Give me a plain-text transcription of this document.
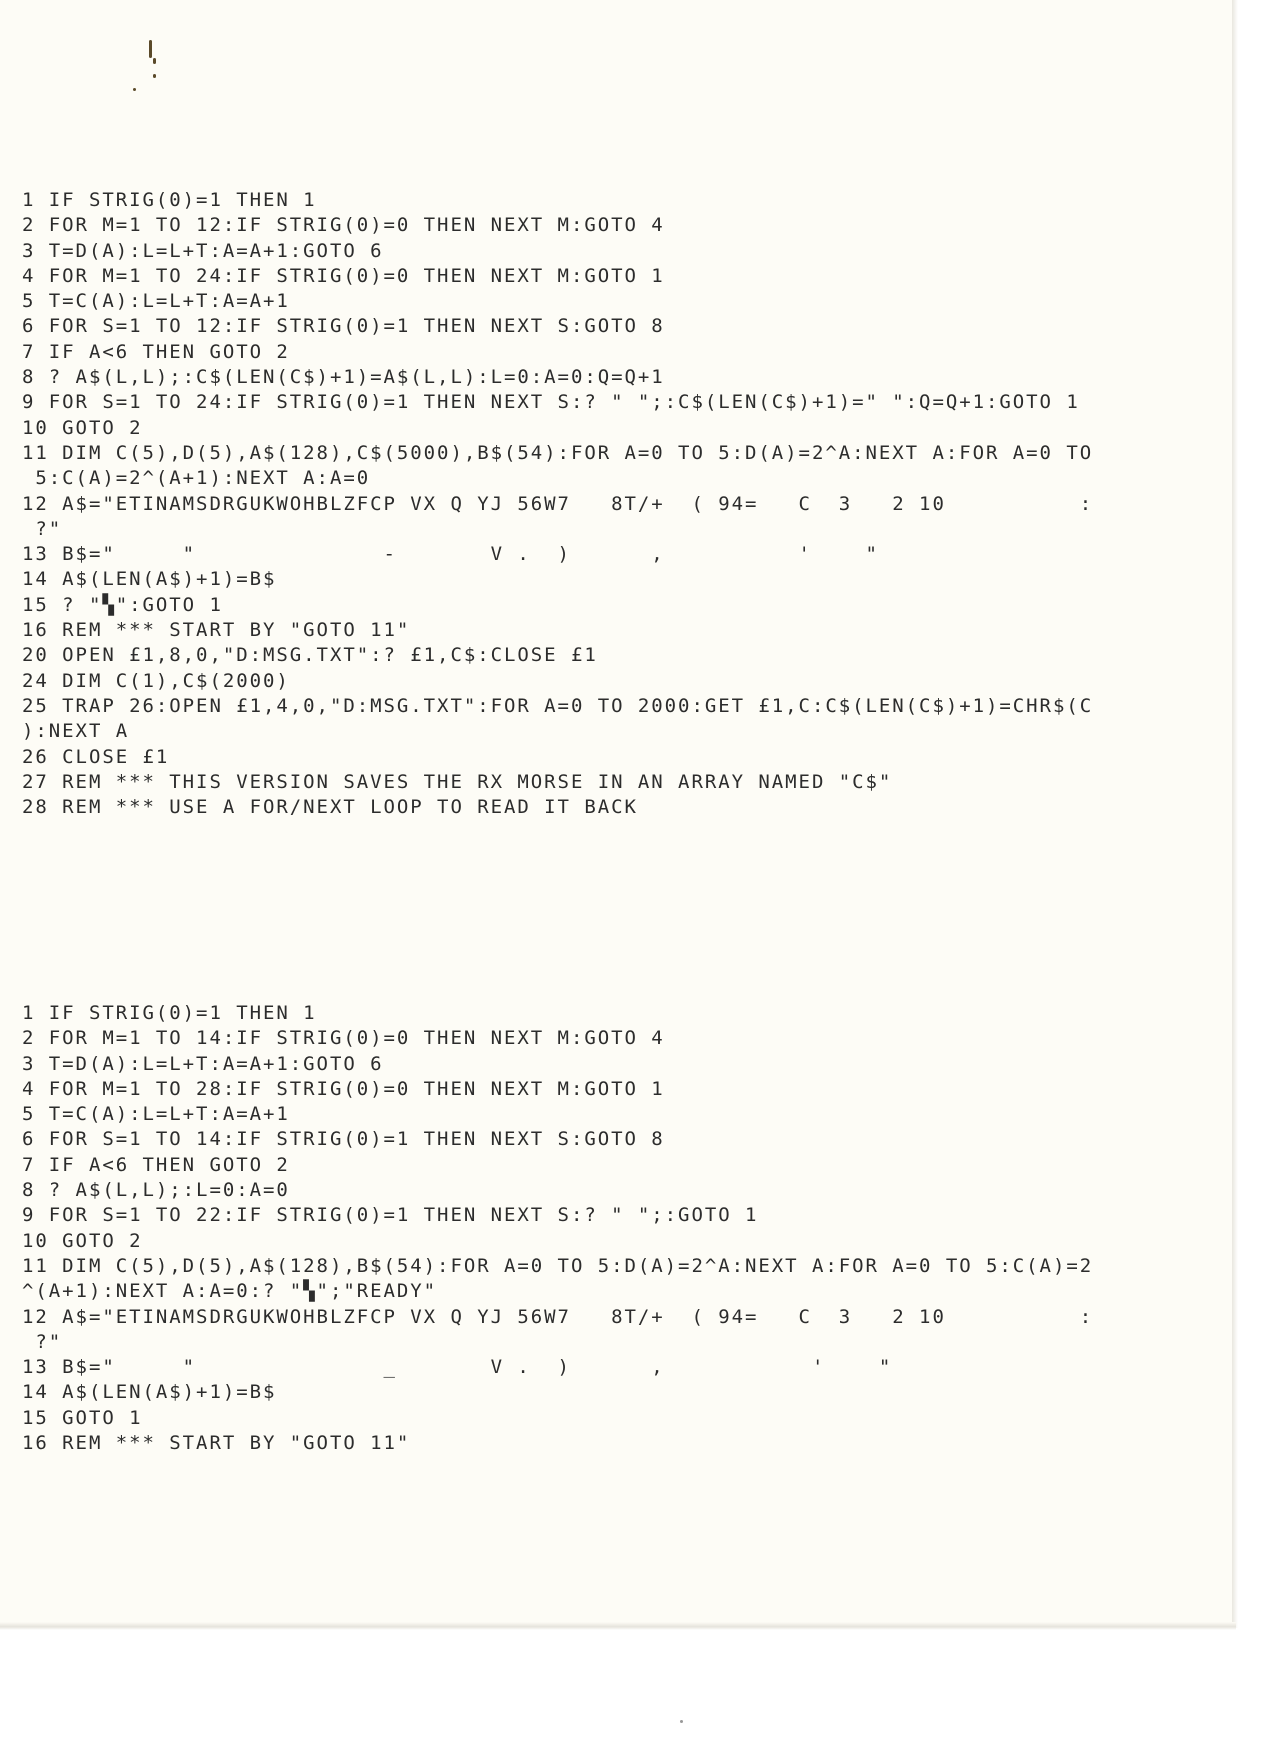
1 IF STRIG(0)=1 THEN 1
2 FOR M=1 TO 12:IF STRIG(0)=0 THEN NEXT M:GOTO 4
3 T=D(A):L=L+T:A=A+1:GOTO 6
4 FOR M=1 TO 24:IF STRIG(0)=0 THEN NEXT M:GOTO 1
5 T=C(A):L=L+T:A=A+1
6 FOR S=1 TO 12:IF STRIG(0)=1 THEN NEXT S:GOTO 8
7 IF A<6 THEN GOTO 2
8 ? A$(L,L);:C$(LEN(C$)+1)=A$(L,L):L=0:A=0:Q=Q+1
9 FOR S=1 TO 24:IF STRIG(0)=1 THEN NEXT S:? " ";:C$(LEN(C$)+1)=" ":Q=Q+1:GOTO 1
10 GOTO 2
11 DIM C(5),D(5),A$(128),C$(5000),B$(54):FOR A=0 TO 5:D(A)=2^A:NEXT A:FOR A=0 TO
5:C(A)=2^(A+1):NEXT A:A=0
12 A$="ETINAMSDRGUKWOHBLZFCP VX Q YJ 56W7   8T/+  ( 94=   C  3   2 10          :
?"
13 B$="     "              -       V .  )      ,          '    "
14 A$(LEN(A$)+1)=B$
15 ? "▚":GOTO 1
16 REM *** START BY "GOTO 11"
20 OPEN £1,8,0,"D:MSG.TXT":? £1,C$:CLOSE £1
24 DIM C(1),C$(2000)
25 TRAP 26:OPEN £1,4,0,"D:MSG.TXT":FOR A=0 TO 2000:GET £1,C:C$(LEN(C$)+1)=CHR$(C
):NEXT A
26 CLOSE £1
27 REM *** THIS VERSION SAVES THE RX MORSE IN AN ARRAY NAMED "C$"
28 REM *** USE A FOR/NEXT LOOP TO READ IT BACK
1 IF STRIG(0)=1 THEN 1
2 FOR M=1 TO 14:IF STRIG(0)=0 THEN NEXT M:GOTO 4
3 T=D(A):L=L+T:A=A+1:GOTO 6
4 FOR M=1 TO 28:IF STRIG(0)=0 THEN NEXT M:GOTO 1
5 T=C(A):L=L+T:A=A+1
6 FOR S=1 TO 14:IF STRIG(0)=1 THEN NEXT S:GOTO 8
7 IF A<6 THEN GOTO 2
8 ? A$(L,L);:L=0:A=0
9 FOR S=1 TO 22:IF STRIG(0)=1 THEN NEXT S:? " ";:GOTO 1
10 GOTO 2
11 DIM C(5),D(5),A$(128),B$(54):FOR A=0 TO 5:D(A)=2^A:NEXT A:FOR A=0 TO 5:C(A)=2
^(A+1):NEXT A:A=0:? "▚";"READY"
12 A$="ETINAMSDRGUKWOHBLZFCP VX Q YJ 56W7   8T/+  ( 94=   C  3   2 10          :
?"
13 B$="     "              _       V .  )      ,           '    "
14 A$(LEN(A$)+1)=B$
15 GOTO 1
16 REM *** START BY "GOTO 11"
